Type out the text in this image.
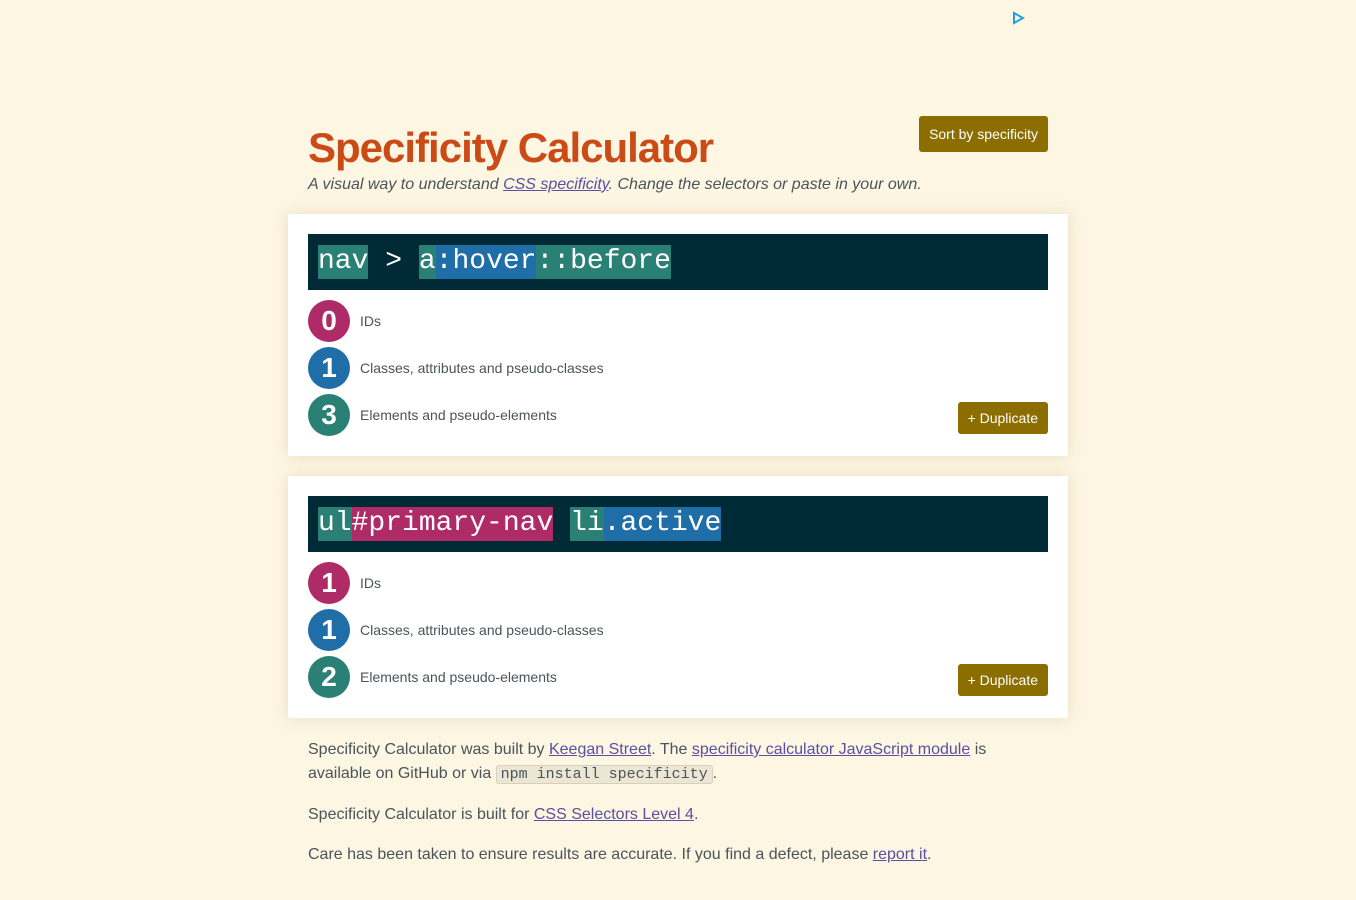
Specificity Calculator	Sort by specificity
A visual way to understand CSS specificity. Change the selectors or paste in your own.
nav > a:hover::before
0	IDs
1	Classes, attributes and pseudo-classes
3	Elements and pseudo-elements	+ Duplicate
ul#primary-nav li.active
1	IDs
1	Classes, attributes and pseudo-classes
2	Elements and pseudo-elements	+ Duplicate

Specificity Calculator was built by Keegan Street. The specificity calculator JavaScript module is available on GitHub or via npm install specificity .

Specificity Calculator is built for CSS Selectors Level 4.

Care has been taken to ensure results are accurate. If you find a defect, please report it.
